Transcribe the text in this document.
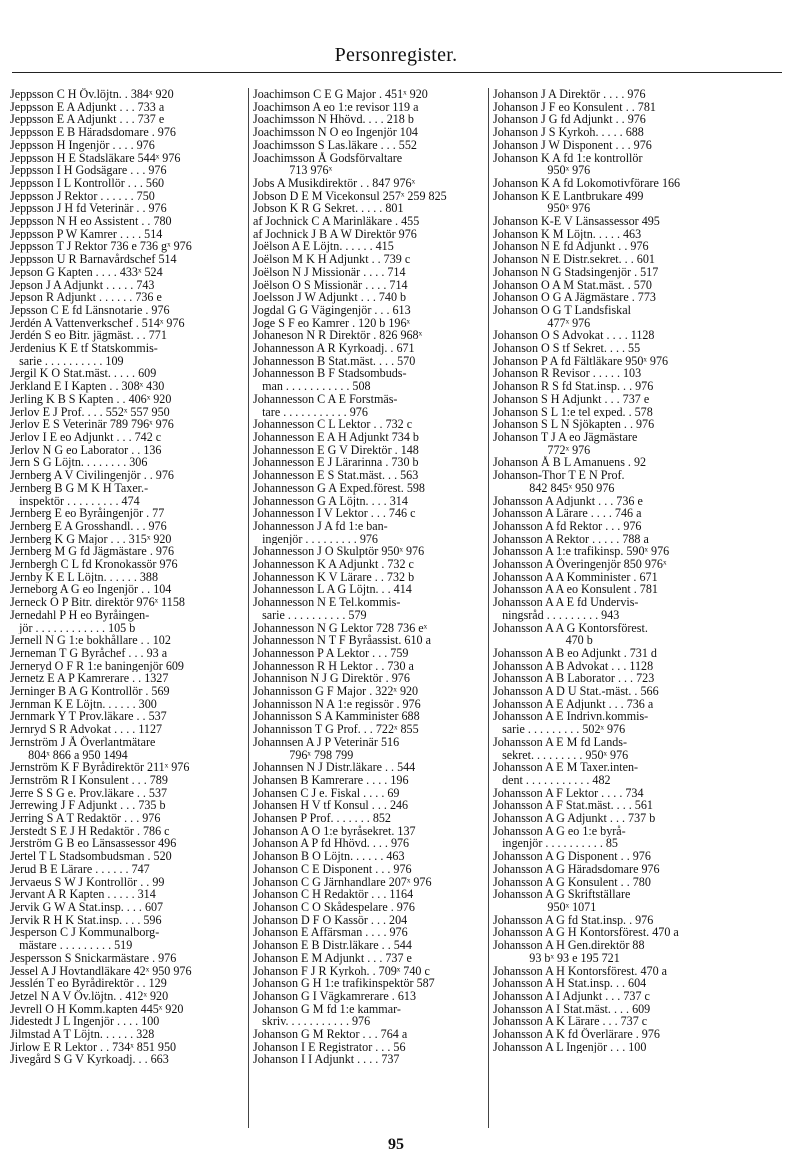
Personregister.
Jeppsson C H Öv.löjtn. . 384ˣ 920
Jeppsson E A Adjunkt . . . 733 a
Jeppsson E A Adjunkt . . . 737 e
Jeppsson E B Häradsdomare . 976
Jeppsson H Ingenjör . . . . 976
Jeppsson H E Stadsläkare 544ˣ 976
Jeppsson I H Godsägare . . . 976
Jeppsson I L Kontrollör . . . 560
Jeppsson J Rektor . . . . . . 750
Jeppsson J H fd Veterinär . . 976
Jeppsson N H eo Assistent . . 780
Jeppsson P W Kamrer . . . . 514
Jeppsson T J Rektor 736 e 736 gˣ 976
Jeppsson U R Barnavårdschef 514
Jepson G Kapten . . . . 433ˣ 524
Jepson J A Adjunkt . . . . . 743
Jepson R Adjunkt . . . . . . 736 e
Jepsson C E fd Länsnotarie . 976
Jerdén A Vattenverkschef . 514ˣ 976
Jerdén S eo Bitr. jägmäst. . . 771
Jerdenius K E tf Statskommis-
sarie . . . . . . . . . . 109
Jergil K O Stat.mäst. . . . . 609
Jerkland E I Kapten . . 308ˣ 430
Jerling K B S Kapten . . 406ˣ 920
Jerlov E J Prof. . . . 552ˣ 557 950
Jerlov E S Veterinär 789 796ˣ 976
Jerlov I E eo Adjunkt . . . 742 c
Jerlov N G eo Laborator . . 136
Jern S G Löjtn. . . . . . . . 306
Jernberg A V Civilingenjör . . 976
Jernberg B G M K H Taxer.-
inspektör . . . . . . . . . 474
Jernberg E eo Byråingenjör . 77
Jernberg E A Grosshandl. . . 976
Jernberg K G Major . . . 315ˣ 920
Jernberg M G fd Jägmästare . 976
Jernbergh C L fd Kronokassör 976
Jernby K E L Löjtn. . . . . . 388
Jerneborg A G eo Ingenjör . . 104
Jerneck O P Bitr. direktör 976ˣ 1158
Jernedahl P H eo Byråingen-
jör . . . . . . . . . . . . 105 b
Jernell N G 1:e bokhållare . . 102
Jerneman T G Byråchef . . . 93 a
Jerneryd O F R 1:e baningenjör 609
Jernetz E A P Kamrerare . . 1327
Jerninger B A G Kontrollör . 569
Jernman K E Löjtn. . . . . . 300
Jernmark Y T Prov.läkare . . 537
Jernryd S R Advokat . . . . 1127
Jernström J Å Överlantmätare
804ˣ 866 a 950 1494
Jernström K F Byrådirektör 211ˣ 976
Jernström R I Konsulent . . . 789
Jerre S S G e. Prov.läkare . . 537
Jerrewing J F Adjunkt . . . 735 b
Jerring S A T Redaktör . . . 976
Jerstedt S E J H Redaktör . 786 c
Jerström G B eo Länsassessor 496
Jertel T L Stadsombudsman . 520
Jerud B E Lärare . . . . . . 747
Jervaeus S W J Kontrollör . . 99
Jervant A R Kapten . . . . . 314
Jervik G W A Stat.insp. . . . 607
Jervik R H K Stat.insp. . . . 596
Jesperson C J Kommunalborg-
mästare . . . . . . . . . 519
Jespersson S Snickarmästare . 976
Jessel A J Hovtandläkare 42ˣ 950 976
Jesslén T eo Byrådirektör . . 129
Jetzel N A V Öv.löjtn. . 412ˣ 920
Jevrell O H Komm.kapten 445ˣ 920
Jidestedt J L Ingenjör . . . . 100
Jilmstad A T Löjtn. . . . . . 328
Jirlow E R Lektor . . 734ˣ 851 950
Jivegård S G V Kyrkoadj. . . 663
Joachimson C E G Major . 451ˣ 920
Joachimson A eo 1:e revisor 119 a
Joachimsson N Hhövd. . . . 218 b
Joachimsson N O eo Ingenjör 104
Joachimsson S Las.läkare . . . 552
Joachimsson Å Godsförvaltare
713 976ˣ
Jobs A Musikdirektör . . 847 976ˣ
Jobson D E M Vicekonsul 257ˣ 259 825
Jobson K R G Sekret. . . . . 801
af Jochnick C A Marinläkare . 455
af Jochnick J B A W Direktör 976
Joëlson A E Löjtn. . . . . . 415
Joëlson M K H Adjunkt . . 739 c
Joëlson N J Missionär . . . . 714
Joëlson O S Missionär . . . . 714
Joelsson J W Adjunkt . . . 740 b
Jogdal G G Vägingenjör . . . 613
Joge S F eo Kamrer . 120 b 196ˣ
Johaneson N R Direktör . 826 968ˣ
Johannesson A R Kyrkoadj. . 671
Johannesson B Stat.mäst. . . . 570
Johannesson B F Stadsombuds-
man . . . . . . . . . . . 508
Johannesson C A E Forstmäs-
tare . . . . . . . . . . . 976
Johannesson C L Lektor . . 732 c
Johannesson E A H Adjunkt 734 b
Johannesson E G V Direktör . 148
Johannesson E J Lärarinna . 730 b
Johannesson E S Stat.mäst. . . 563
Johannesson G A Exped.förest. 598
Johannesson G A Löjtn. . . . 314
Johannesson I V Lektor . . . 746 c
Johannesson J A fd 1:e ban-
ingenjör . . . . . . . . . 976
Johannesson J O Skulptör 950ˣ 976
Johannesson K A Adjunkt . 732 c
Johannesson K V Lärare . . 732 b
Johannesson L A G Löjtn. . . 414
Johannesson N E Tel.kommis-
sarie . . . . . . . . . . 579
Johannesson N G Lektor 728 736 eˣ
Johannesson N T F Byråassist. 610 a
Johannesson P A Lektor . . . 759
Johannesson R H Lektor . . 730 a
Johannison N J G Direktör . 976
Johannisson G F Major . 322ˣ 920
Johannisson N A 1:e regissör . 976
Johannisson S A Kamminister 688
Johannisson T G Prof. . . 722ˣ 855
Johannsen A J P Veterinär 516
796ˣ 798 799
Johannsen N J Distr.läkare . . 544
Johansen B Kamrerare . . . . 196
Johansen C J e. Fiskal . . . . 69
Johansen H V tf Konsul . . . 246
Johansen P Prof. . . . . . . 852
Johanson A O 1:e byråsekret. 137
Johanson A P fd Hhövd. . . . 976
Johanson B O Löjtn. . . . . . 463
Johanson C E Disponent . . . 976
Johanson C G Järnhandlare 207ˣ 976
Johanson C H Redaktör . . . 1164
Johanson C O Skådespelare . 976
Johanson D F O Kassör . . . 204
Johanson E Affärsman . . . . 976
Johanson E B Distr.läkare . . 544
Johanson E M Adjunkt . . . 737 e
Johanson F J R Kyrkoh. . 709ˣ 740 c
Johanson G H 1:e trafikinspektör 587
Johanson G I Vägkamrerare . 613
Johanson G M fd 1:e kammar-
skriv. . . . . . . . . . . 976
Johanson G M Rektor . . . 764 a
Johanson I E Registrator . . . 56
Johanson I I Adjunkt . . . . 737
Johanson J A Direktör . . . . 976
Johanson J F eo Konsulent . . 781
Johanson J G fd Adjunkt . . 976
Johanson J S Kyrkoh. . . . . 688
Johanson J W Disponent . . . 976
Johanson K A fd 1:e kontrollör
950ˣ 976
Johanson K A fd Lokomotivförare 166
Johanson K E Lantbrukare 499
950ˣ 976
Johanson K-E V Länsassessor 495
Johanson K M Löjtn. . . . . 463
Johanson N E fd Adjunkt . . 976
Johanson N E Distr.sekret. . . 601
Johanson N G Stadsingenjör . 517
Johanson O A M Stat.mäst. . 570
Johanson O G A Jägmästare . 773
Johanson O G T Landsfiskal
477ˣ 976
Johanson O S Advokat . . . . 1128
Johanson O S tf Sekret. . . . 55
Johanson P A fd Fältläkare 950ˣ 976
Johanson R Revisor . . . . . 103
Johanson R S fd Stat.insp. . . 976
Johanson S H Adjunkt . . . 737 e
Johanson S L 1:e tel exped. . 578
Johanson S L N Sjökapten . . 976
Johanson T J A eo Jägmästare
772ˣ 976
Johanson Å B L Amanuens . 92
Johanson-Thor T E N Prof.
842 845ˣ 950 976
Johansson A Adjunkt . . . 736 e
Johansson A Lärare . . . . 746 a
Johansson A fd Rektor . . . 976
Johansson A Rektor . . . . . 788 a
Johansson A 1:e trafikinsp. 590ˣ 976
Johansson A Överingenjör 850 976ˣ
Johansson A A Komminister . 671
Johansson A A eo Konsulent . 781
Johansson A A E fd Undervis-
ningsråd . . . . . . . . . 943
Johansson A A G Kontorsförest.
470 b
Johansson A B eo Adjunkt . 731 d
Johansson A B Advokat . . . 1128
Johansson A B Laborator . . . 723
Johansson A D U Stat.-mäst. . 566
Johansson A E Adjunkt . . . 736 a
Johansson A E Indrivn.kommis-
sarie . . . . . . . . . 502ˣ 976
Johansson A E M fd Lands-
sekret. . . . . . . . . 950ˣ 976
Johansson A E M Taxer.inten-
dent . . . . . . . . . . . 482
Johansson A F Lektor . . . . 734
Johansson A F Stat.mäst. . . . 561
Johansson A G Adjunkt . . . 737 b
Johansson A G eo 1:e byrå-
ingenjör . . . . . . . . . . 85
Johansson A G Disponent . . 976
Johansson A G Häradsdomare 976
Johansson A G Konsulent . . 780
Johansson A G Skriftställare
950ˣ 1071
Johansson A G fd Stat.insp. . 976
Johansson A G H Kontorsförest. 470 a
Johansson A H Gen.direktör 88
93 bˣ 93 e 195 721
Johansson A H Kontorsförest. 470 a
Johansson A H Stat.insp. . . 604
Johansson A I Adjunkt . . . 737 c
Johansson A I Stat.mäst. . . . 609
Johansson A K Lärare . . . 737 c
Johansson A K fd Överlärare . 976
Johansson A L Ingenjör . . . 100
95
